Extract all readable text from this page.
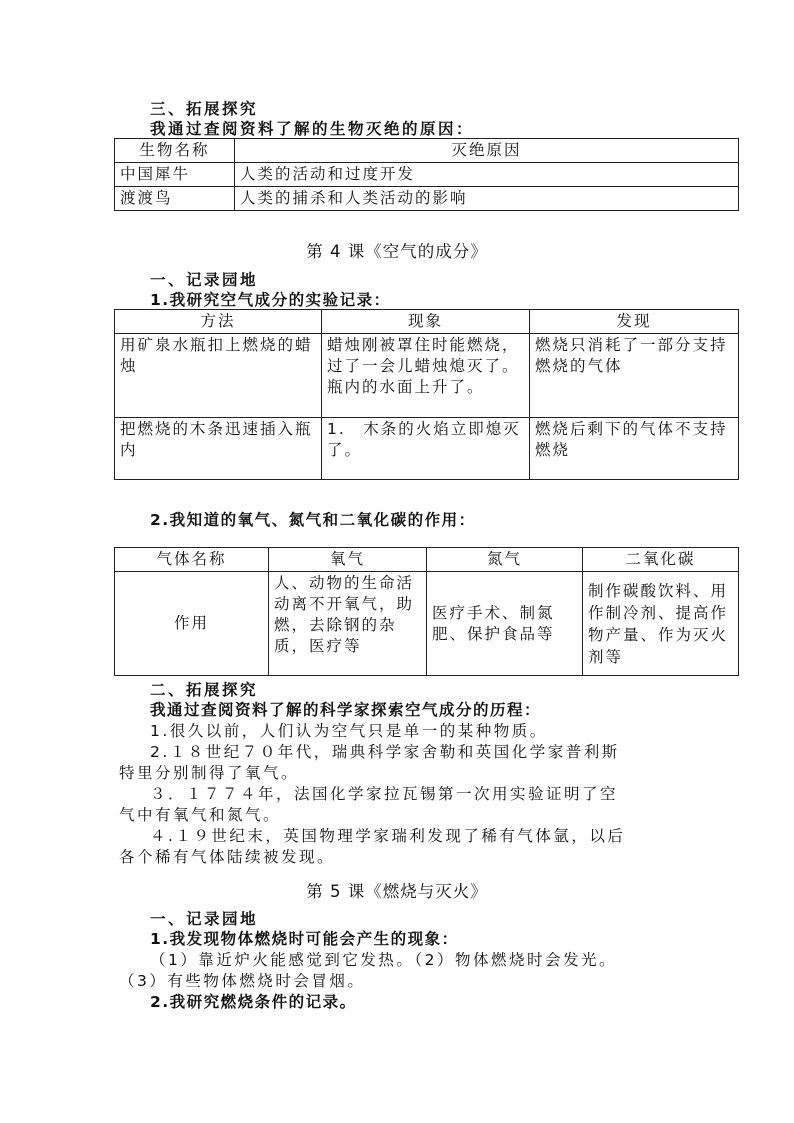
三、拓展探究
我通过查阅资料了解的生物灭绝的原因：
生物名称	灭绝原因
中国犀牛	人类的活动和过度开发
渡渡鸟	人类的捕杀和人类活动的影响
第 4 课《空气的成分》
一、记录园地
1.我研究空气成分的实验记录：
方法	现象	发现
用矿泉水瓶扣上燃烧的蜡烛	蜡烛刚被罩住时能燃烧，过了一会儿蜡烛熄灭了。瓶内的水面上升了。	燃烧只消耗了一部分支持燃烧的气体
把燃烧的木条迅速插入瓶内	1.　木条的火焰立即熄灭了。	燃烧后剩下的气体不支持燃烧
2.我知道的氧气、氮气和二氧化碳的作用：
气体名称	氧气	氮气	二氧化碳
作用	人、动物的生命活动离不开氧气，助燃，去除钢的杂质，医疗等	医疗手术、制氮肥、保护食品等	制作碳酸饮料、用作制冷剂、提高作物产量、作为灭火剂等
二、拓展探究
我通过查阅资料了解的科学家探索空气成分的历程：
1.很久以前，人们认为空气只是单一的某种物质。
2.１８世纪７０年代，瑞典科学家舍勒和英国化学家普利斯
特里分别制得了氧气。
３．１７７４年，法国化学家拉瓦锡第一次用实验证明了空
气中有氧气和氮气。
４.１９世纪末，英国物理学家瑞利发现了稀有气体氩，以后
各个稀有气体陆续被发现。
第 5 课《燃烧与灭火》
一、记录园地
1.我发现物体燃烧时可能会产生的现象：
（1）靠近炉火能感觉到它发热。（2）物体燃烧时会发光。
（3）有些物体燃烧时会冒烟。
2.我研究燃烧条件的记录。
